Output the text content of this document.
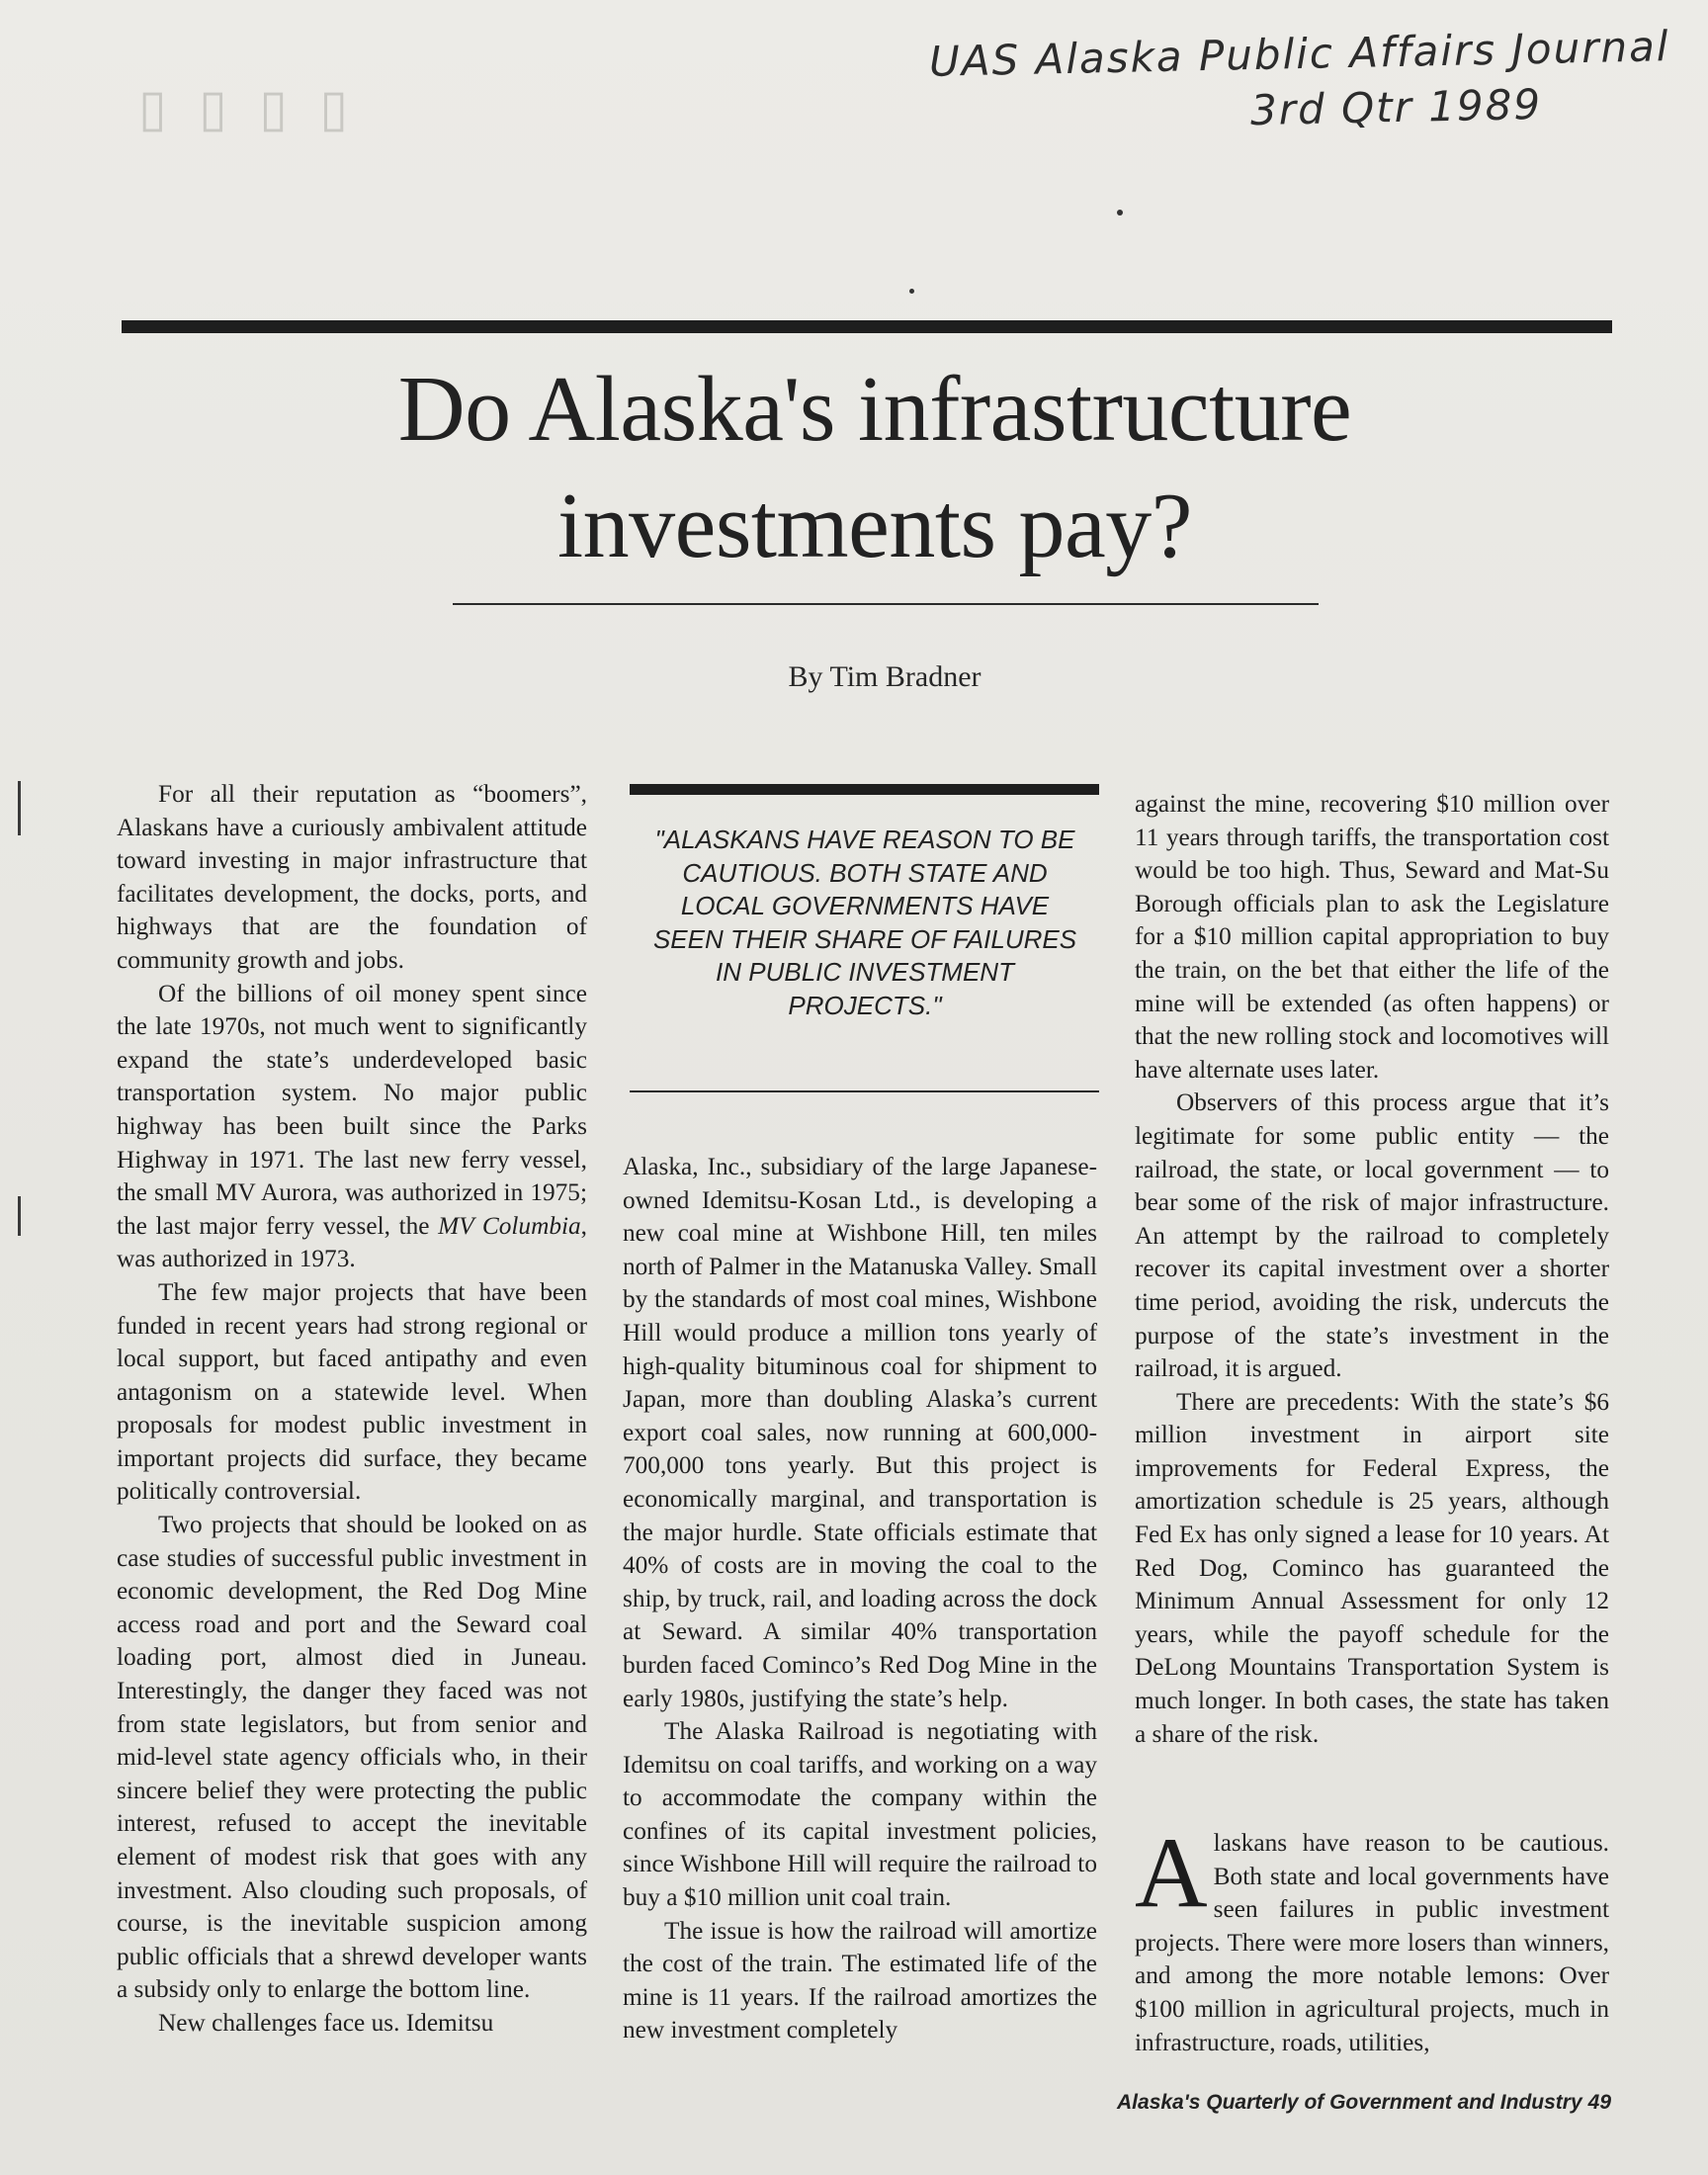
▯ ▯ ▯ ▯
UAS Alaska Public Affairs Journal
3rd Qtr 1989
Do Alaska's infrastructure
investments pay?
By Tim Bradner

For all their reputation as “boomers”, Alaskans have a curiously ambivalent attitude toward investing in major infrastructure that facilitates development, the docks, ports, and highways that are the foundation of community growth and jobs.

Of the billions of oil money spent since the late 1970s, not much went to significantly expand the state’s underdeveloped basic transportation system. No major public highway has been built since the Parks Highway in 1971. The last new ferry vessel, the small MV Aurora, was authorized in 1975; the last major ferry vessel, the MV Columbia, was authorized in 1973.

The few major projects that have been funded in recent years had strong regional or local support, but faced antipathy and even antagonism on a statewide level. When proposals for modest public investment in important projects did surface, they became politically controversial.

Two projects that should be looked on as case studies of successful public investment in economic development, the Red Dog Mine access road and port and the Seward coal loading port, almost died in Juneau. Interestingly, the danger they faced was not from state legislators, but from senior and mid-level state agency officials who, in their sincere belief they were protecting the public interest, refused to accept the inevitable element of modest risk that goes with any investment. Also clouding such proposals, of course, is the inevitable suspicion among public officials that a shrewd developer wants a subsidy only to enlarge the bottom line.

New challenges face us. Idemitsu

"ALASKANS HAVE REASON TO BE CAUTIOUS. BOTH STATE AND LOCAL GOVERNMENTS HAVE SEEN THEIR SHARE OF FAILURES IN PUBLIC INVESTMENT PROJECTS."

Alaska, Inc., subsidiary of the large Japanese-owned Idemitsu-Kosan Ltd., is developing a new coal mine at Wishbone Hill, ten miles north of Palmer in the Matanuska Valley. Small by the standards of most coal mines, Wishbone Hill would produce a million tons yearly of high-quality bituminous coal for shipment to Japan, more than doubling Alaska’s current export coal sales, now running at 600,000-700,000 tons yearly. But this project is economically marginal, and transportation is the major hurdle. State officials estimate that 40% of costs are in moving the coal to the ship, by truck, rail, and loading across the dock at Seward. A similar 40% transportation burden faced Cominco’s Red Dog Mine in the early 1980s, justifying the state’s help.

The Alaska Railroad is negotiating with Idemitsu on coal tariffs, and working on a way to accommodate the company within the confines of its capital investment policies, since Wishbone Hill will require the railroad to buy a $10 million unit coal train.

The issue is how the railroad will amortize the cost of the train. The estimated life of the mine is 11 years. If the railroad amortizes the new investment completely

against the mine, recovering $10 million over 11 years through tariffs, the transportation cost would be too high. Thus, Seward and Mat-Su Borough officials plan to ask the Legislature for a $10 million capital appropriation to buy the train, on the bet that either the life of the mine will be extended (as often happens) or that the new rolling stock and locomotives will have alternate uses later.

Observers of this process argue that it’s legitimate for some public entity — the railroad, the state, or local government — to bear some of the risk of major infrastructure. An attempt by the railroad to completely recover its capital investment over a shorter time period, avoiding the risk, undercuts the purpose of the state’s investment in the railroad, it is argued.

There are precedents: With the state’s $6 million investment in airport site improvements for Federal Express, the amortization schedule is 25 years, although Fed Ex has only signed a lease for 10 years. At Red Dog, Cominco has guaranteed the Minimum Annual Assessment for only 12 years, while the payoff schedule for the DeLong Mountains Transportation System is much longer. In both cases, the state has taken a share of the risk.

Alaskans have reason to be cautious. Both state and local governments have seen failures in public investment projects. There were more losers than winners, and among the more notable lemons: Over $100 million in agricultural projects, much in infrastructure, roads, utilities,

Alaska's Quarterly of Government and Industry 49
